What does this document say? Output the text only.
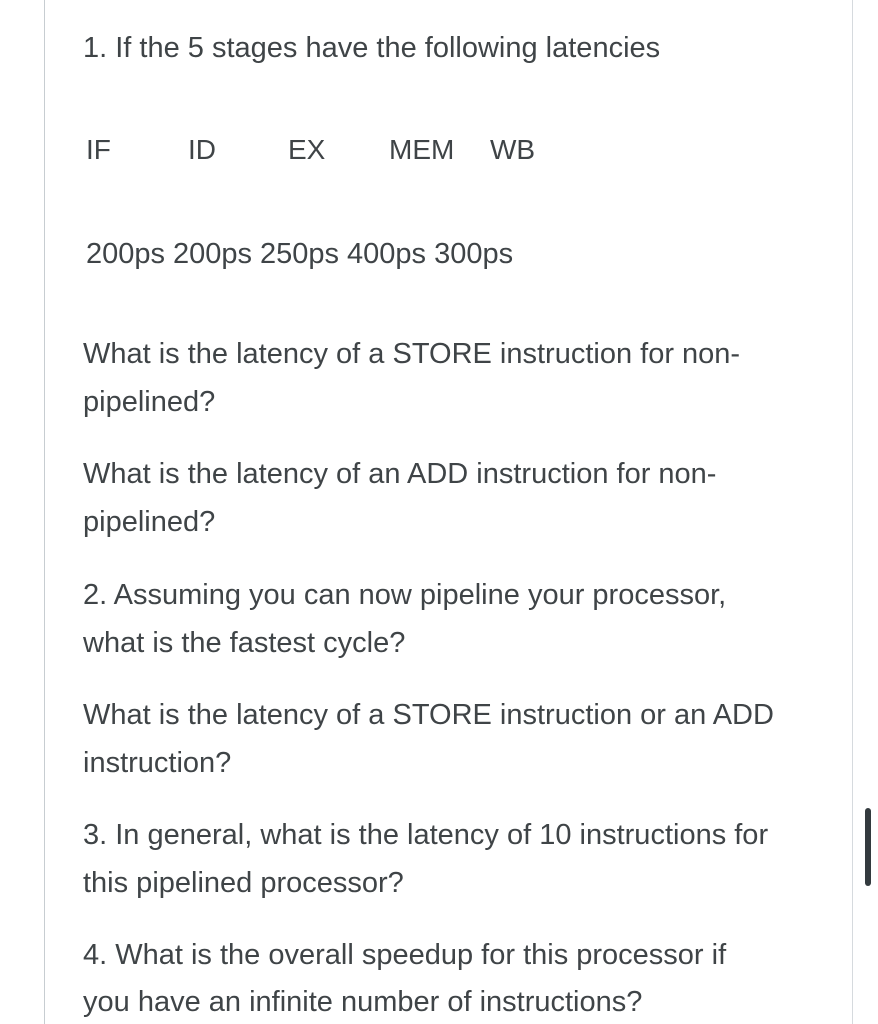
1. If the 5 stages have the following latencies
IF	ID	EX MEM WB
200ps 200ps 250ps 400ps 300ps
What is the latency of a STORE instruction for non-
pipelined?
What is the latency of an ADD instruction for non-
pipelined?
2. Assuming you can now pipeline your processor,
what is the fastest cycle?
What is the latency of a STORE instruction or an ADD
instruction?
3. In general, what is the latency of 10 instructions for
this pipelined processor?
4. What is the overall speedup for this processor if
you have an infinite number of instructions?
